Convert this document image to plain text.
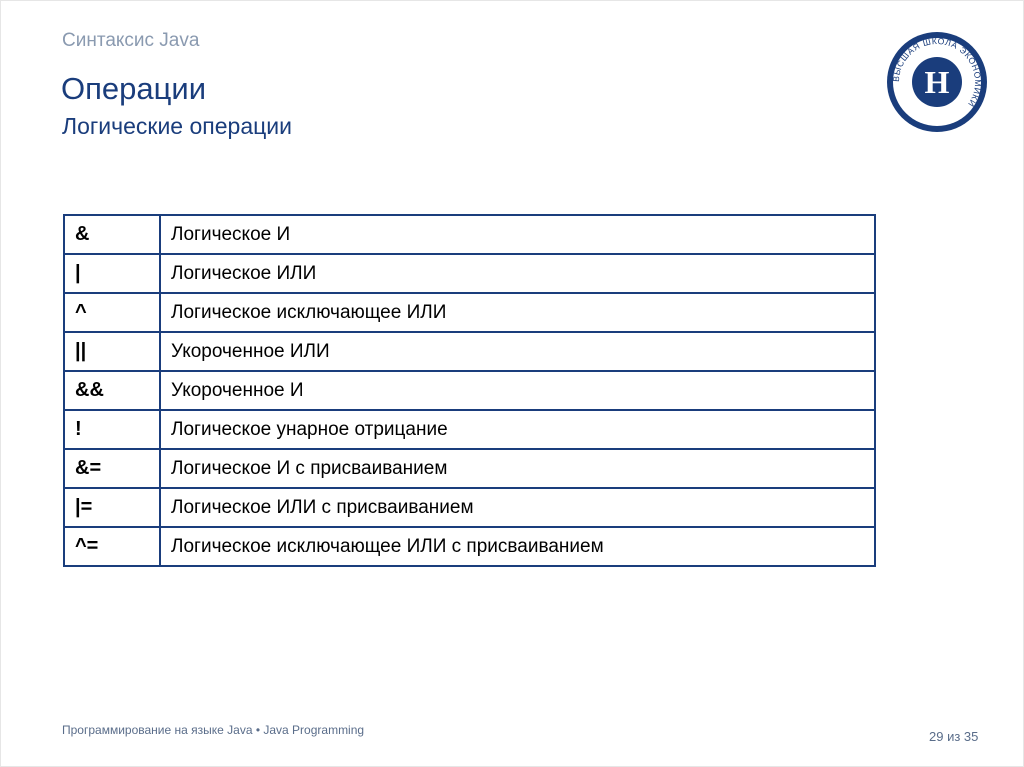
Синтаксис Java
Операции
Логические операции
ВЫСШАЯ ШКОЛА ЭКОНОМИКИ
Н
&	Логическое И
|	Логическое ИЛИ
^	Логическое исключающее ИЛИ
||	Укороченное ИЛИ
&&	Укороченное И
!	Логическое унарное отрицание
&=	Логическое И с присваиванием
|=	Логическое ИЛИ с присваиванием
^=	Логическое исключающее ИЛИ с присваиванием
Программирование на языке Java • Java Programming	29 из 35
